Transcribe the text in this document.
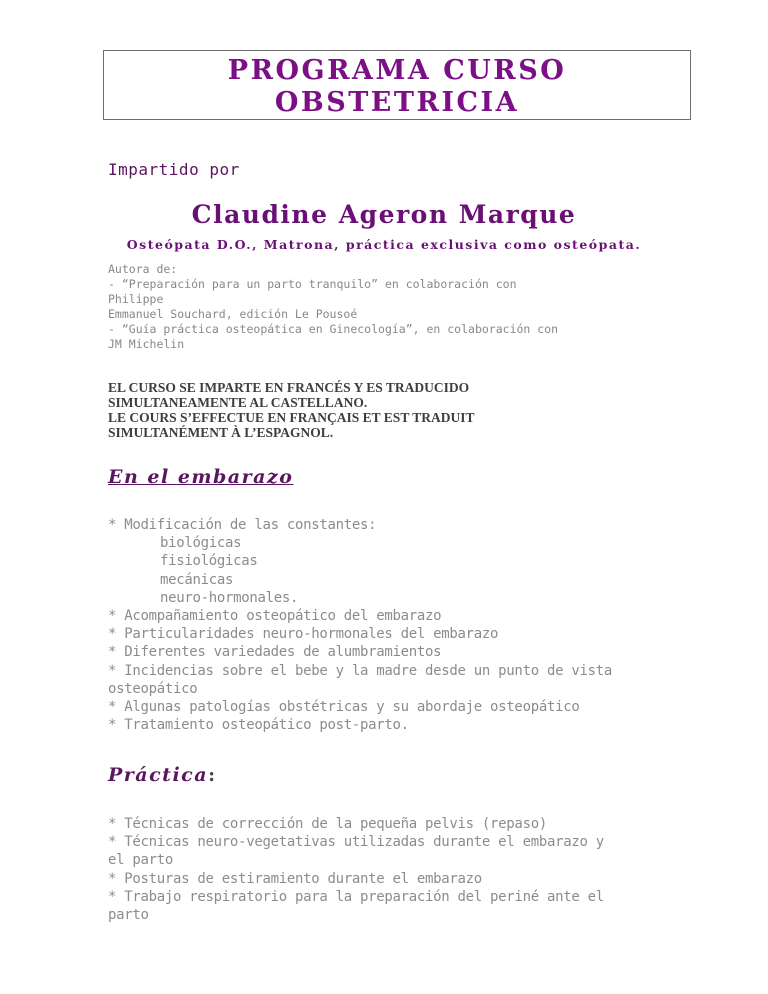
PROGRAMA CURSO
OBSTETRICIA
Impartido por
Claudine Ageron Marque
Osteópata D.O., Matrona, práctica exclusiva como osteópata.
Autora de:
- “Preparación para un parto tranquilo” en colaboración con
Philippe
Emmanuel Souchard, edición Le Pousoé
- “Guía práctica osteopática en Ginecología”, en colaboración con
JM Michelin
EL CURSO SE IMPARTE EN FRANCÉS Y ES TRADUCIDO
SIMULTANEAMENTE AL CASTELLANO.
LE COURS S’EFFECTUE EN FRANÇAIS ET EST TRADUIT
SIMULTANÉMENT À L’ESPAGNOL.
En el embarazo
* Modificación de las constantes:
biológicas
fisiológicas
mecánicas
neuro-hormonales.
* Acompañamiento osteopático del embarazo
* Particularidades neuro-hormonales del embarazo
* Diferentes variedades de alumbramientos
* Incidencias sobre el bebe y la madre desde un punto de vista
osteopático
* Algunas patologías obstétricas y su abordaje osteopático
* Tratamiento osteopático post-parto.
Práctica:
* Técnicas de corrección de la pequeña pelvis (repaso)
* Técnicas neuro-vegetativas utilizadas durante el embarazo y
el parto
* Posturas de estiramiento durante el embarazo
* Trabajo respiratorio para la preparación del periné ante el
parto
